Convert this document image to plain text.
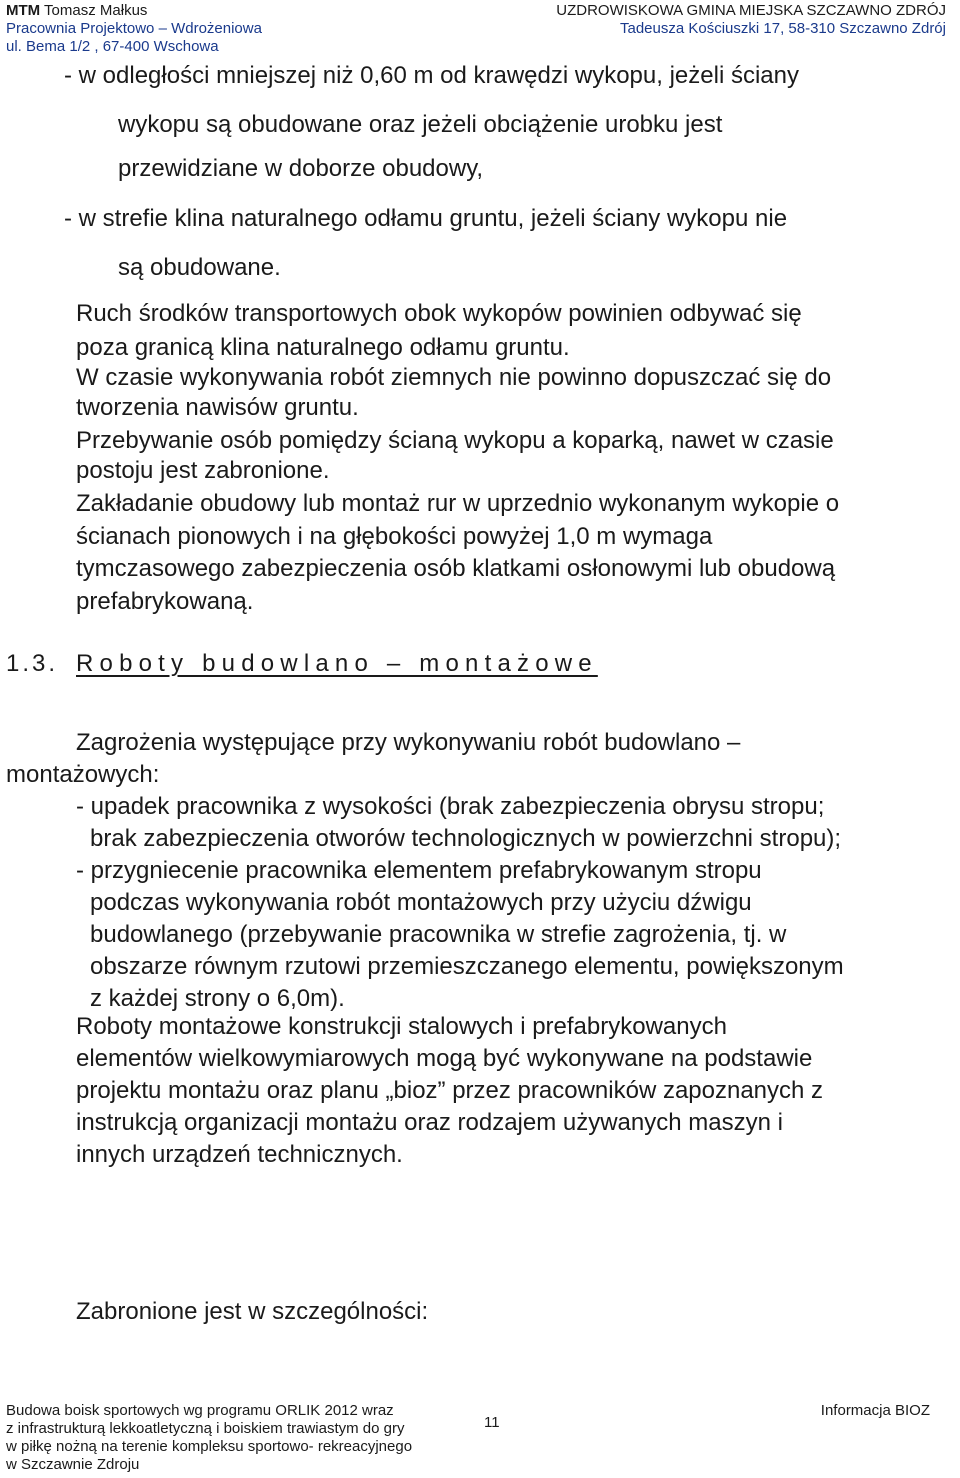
MTM Tomasz Małkus
Pracownia Projektowo – Wdrożeniowa
ul. Bema 1/2 , 67-400 Wschowa
UZDROWISKOWA GMINA MIEJSKA SZCZAWNO ZDRÓJ
Tadeusza Kościuszki 17, 58-310 Szczawno Zdrój
- w odległości mniejszej niż 0,60 m od krawędzi wykopu, jeżeli ściany
wykopu są obudowane oraz jeżeli obciążenie urobku jest
przewidziane w doborze obudowy,
- w strefie klina naturalnego odłamu gruntu, jeżeli ściany wykopu nie
są obudowane.
Ruch środków transportowych obok wykopów powinien odbywać się
poza granicą klina naturalnego odłamu gruntu.
W czasie wykonywania robót ziemnych nie powinno dopuszczać się do
tworzenia nawisów gruntu.
Przebywanie osób pomiędzy ścianą wykopu a koparką, nawet w czasie
postoju jest zabronione.
Zakładanie obudowy lub montaż rur w uprzednio wykonanym wykopie o
ścianach pionowych i na głębokości powyżej 1,0 m wymaga
tymczasowego zabezpieczenia osób klatkami osłonowymi lub obudową
prefabrykowaną.
1.3. Roboty budowlano – montażowe
Zagrożenia występujące przy wykonywaniu robót budowlano –
montażowych:
- upadek pracownika z wysokości (brak zabezpieczenia obrysu stropu;
brak zabezpieczenia otworów technologicznych w powierzchni stropu);
- przygniecenie pracownika elementem prefabrykowanym stropu
podczas wykonywania robót montażowych przy użyciu dźwigu
budowlanego (przebywanie pracownika w strefie zagrożenia, tj. w
obszarze równym rzutowi przemieszczanego elementu, powiększonym
z każdej strony o 6,0m).
Roboty montażowe konstrukcji stalowych i prefabrykowanych
elementów wielkowymiarowych mogą być wykonywane na podstawie
projektu montażu oraz planu „bioz” przez pracowników zapoznanych z
instrukcją organizacji montażu oraz rodzajem używanych maszyn i
innych urządzeń technicznych.
Zabronione jest w szczególności:
Budowa boisk sportowych wg programu ORLIK 2012 wraz
z infrastrukturą lekkoatletyczną i boiskiem trawiastym do gry
w piłkę nożną na terenie kompleksu sportowo- rekreacyjnego
w Szczawnie Zdroju
11
Informacja BIOZ
